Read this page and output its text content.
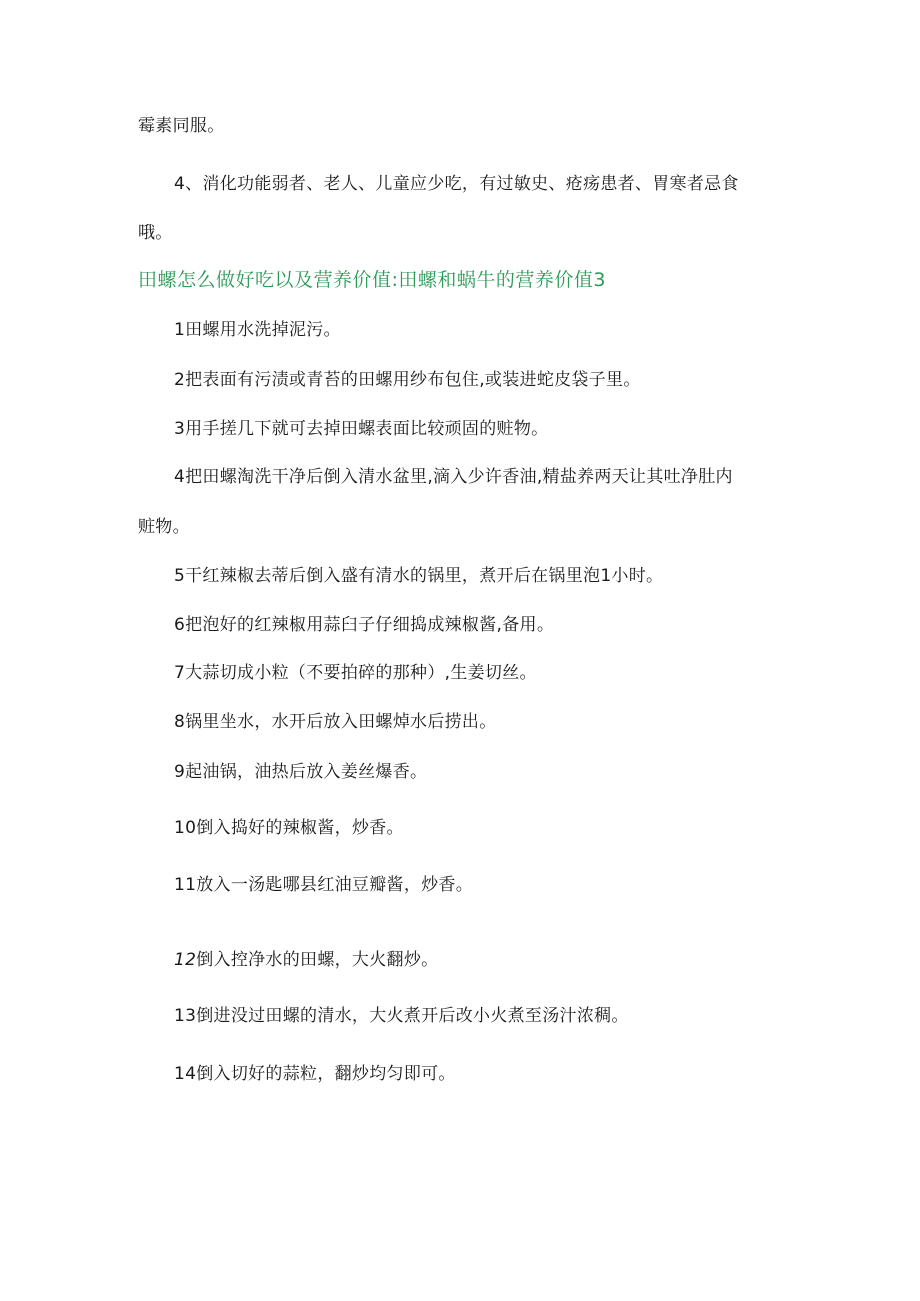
霉素同服。
4、消化功能弱者、老人、儿童应少吃，有过敏史、疮疡患者、胃寒者忌食
哦。
田螺怎么做好吃以及营养价值:田螺和蜗牛的营养价值3
1田螺用水洗掉泥污。
2把表面有污渍或青苔的田螺用纱布包住,或装进蛇皮袋子里。
3用手搓几下就可去掉田螺表面比较顽固的赃物。
4把田螺淘洗干净后倒入清水盆里,滴入少许香油,精盐养两天让其吐净肚内
赃物。
5干红辣椒去蒂后倒入盛有清水的锅里，煮开后在锅里泡1小时。
6把泡好的红辣椒用蒜臼子仔细捣成辣椒酱,备用。
7大蒜切成小粒（不要拍碎的那种）,生姜切丝。
8锅里坐水，水开后放入田螺焯水后捞出。
9起油锅，油热后放入姜丝爆香。
10倒入捣好的辣椒酱，炒香。
11放入一汤匙哪县红油豆瓣酱，炒香。
12倒入控净水的田螺，大火翻炒。
13倒进没过田螺的清水，大火煮开后改小火煮至汤汁浓稠。
14倒入切好的蒜粒，翻炒均匀即可。
